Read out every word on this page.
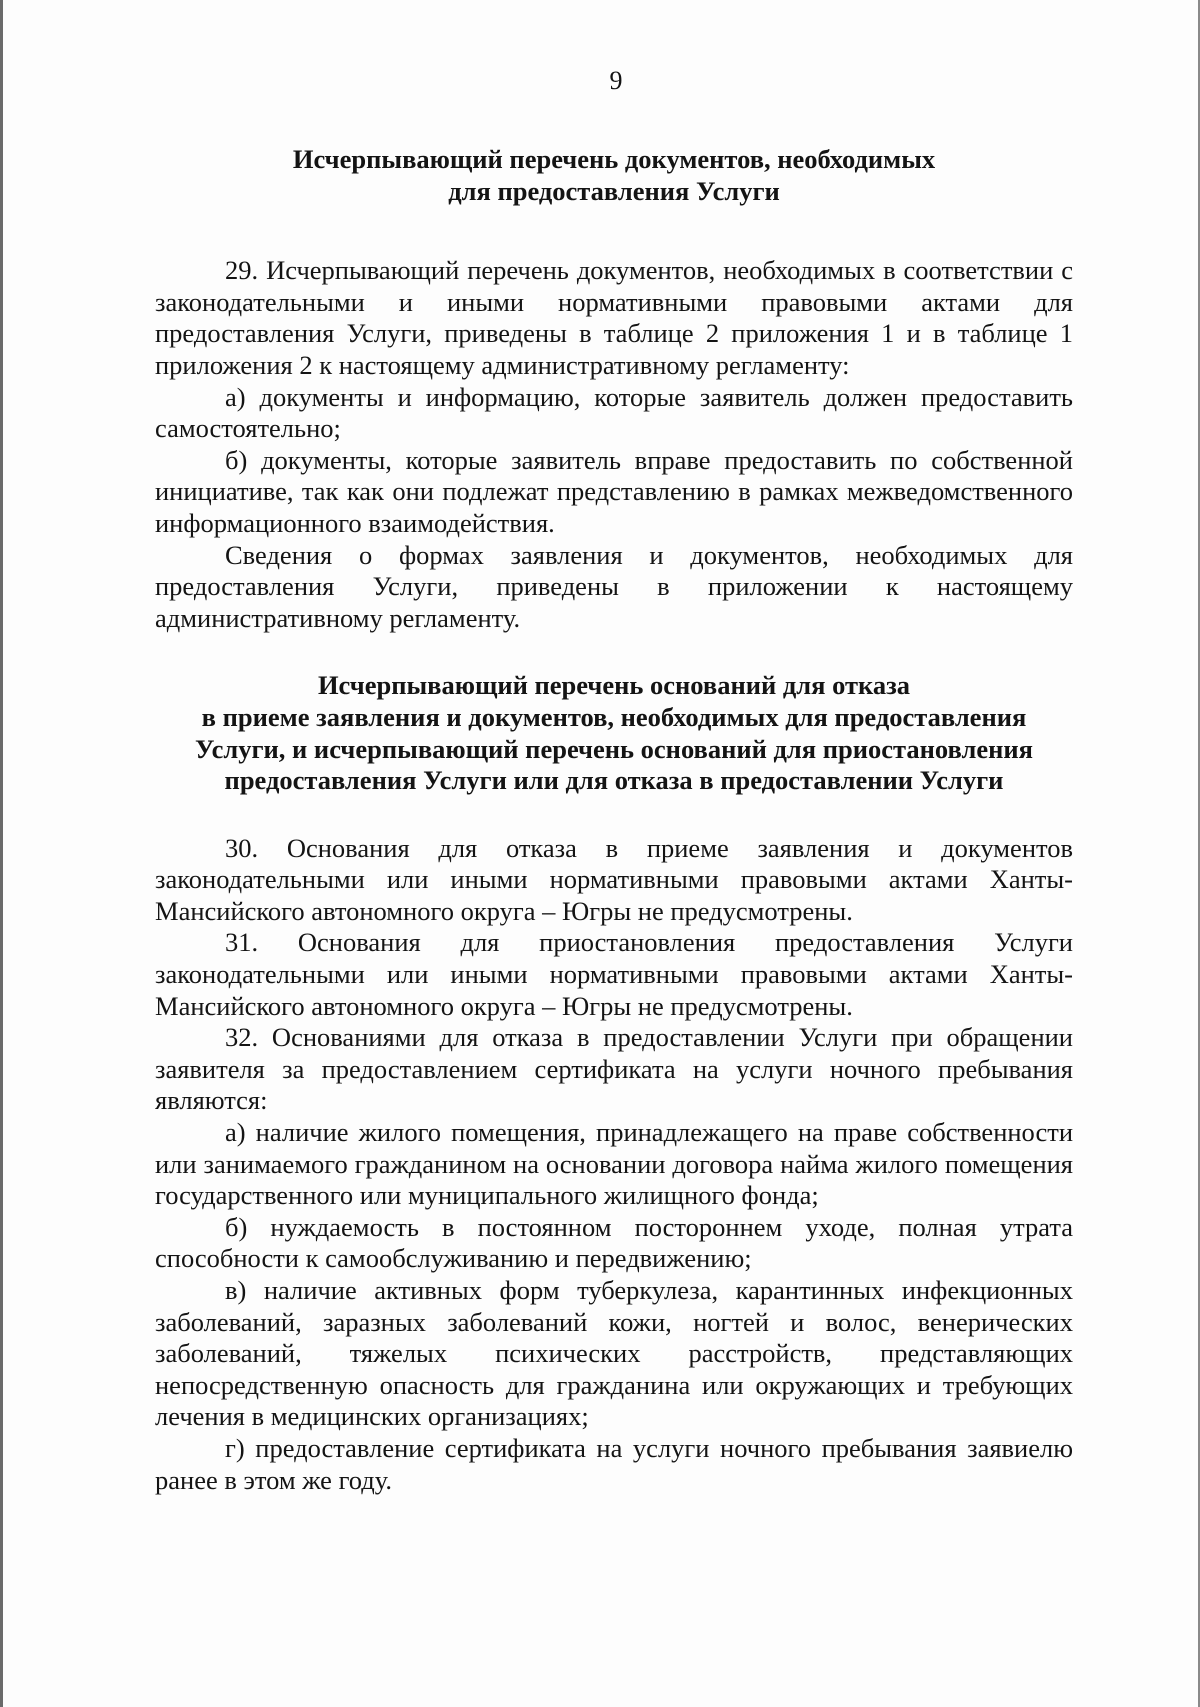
9
Исчерпывающий перечень документов, необходимых
для предоставления Услуги

29. Исчерпывающий перечень документов, необходимых в соответствии с законодательными и иными нормативными правовыми актами для предоставления Услуги, приведены в таблице 2 приложения 1 и в таблице 1 приложения 2 к настоящему административному регламенту:

а) документы и информацию, которые заявитель должен предоставить самостоятельно;

б) документы, которые заявитель вправе предоставить по собственной инициативе, так как они подлежат представлению в рамках межведомственного информационного взаимодействия.

Сведения о формах заявления и документов, необходимых для предоставления Услуги, приведены в приложении к настоящему административному регламенту.

Исчерпывающий перечень оснований для отказа
в приеме заявления и документов, необходимых для предоставления
Услуги, и исчерпывающий перечень оснований для приостановления
предоставления Услуги или для отказа в предоставлении Услуги

30. Основания для отказа в приеме заявления и документов законодательными или иными нормативными правовыми актами Ханты-Мансийского автономного округа – Югры не предусмотрены.

31. Основания для приостановления предоставления Услуги законодательными или иными нормативными правовыми актами Ханты-Мансийского автономного округа – Югры не предусмотрены.

32. Основаниями для отказа в предоставлении Услуги при обращении заявителя за предоставлением сертификата на услуги ночного пребывания являются:

а) наличие жилого помещения, принадлежащего на праве собственности или занимаемого гражданином на основании договора найма жилого помещения государственного или муниципального жилищного фонда;

б) нуждаемость в постоянном постороннем уходе, полная утрата способности к самообслуживанию и передвижению;

в) наличие активных форм туберкулеза, карантинных инфекционных заболеваний, заразных заболеваний кожи, ногтей и волос, венерических заболеваний, тяжелых психических расстройств, представляющих непосредственную опасность для гражданина или окружающих и требующих лечения в медицинских организациях;

г) предоставление сертификата на услуги ночного пребывания заявиелю ранее в этом же году.
